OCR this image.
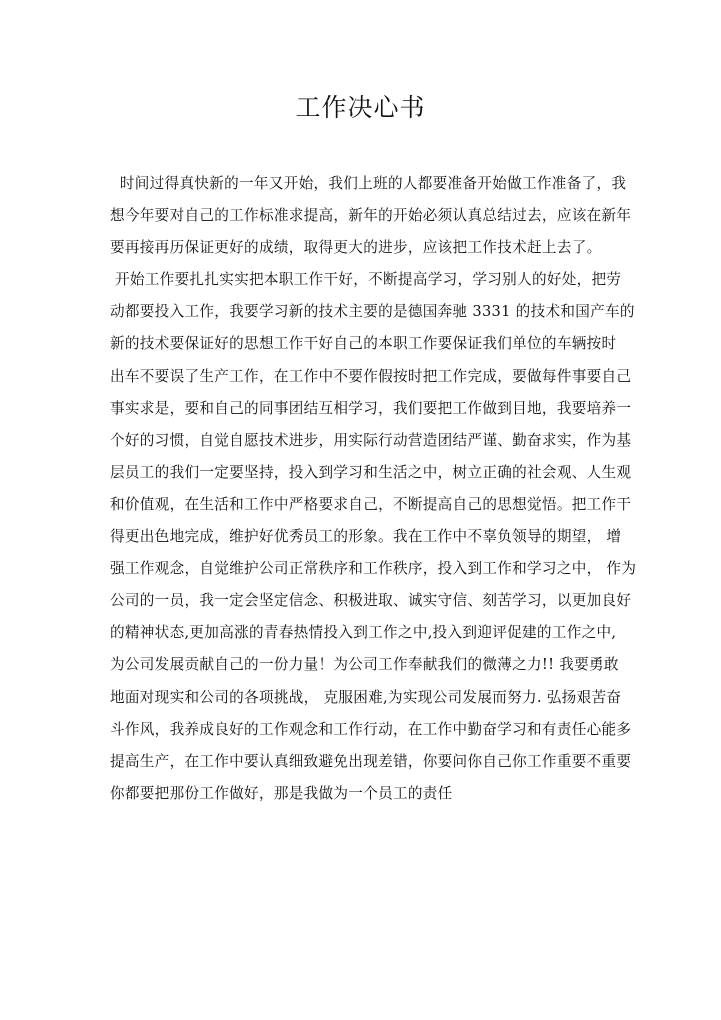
工作决心书
时间过得真快新的一年又开始，我们上班的人都要准备开始做工作准备了，我
想今年要对自己的工作标准求提高，新年的开始必须认真总结过去，应该在新年
要再接再历保证更好的成绩，取得更大的进步，应该把工作技术赶上去了。
开始工作要扎扎实实把本职工作干好，不断提高学习，学习别人的好处，把劳
动都要投入工作，我要学习新的技术主要的是德国奔驰 3331 的技术和国产车的
新的技术要保证好的思想工作干好自己的本职工作要保证我们单位的车辆按时
出车不要误了生产工作，在工作中不要作假按时把工作完成，要做每件事要自己
事实求是，要和自己的同事团结互相学习，我们要把工作做到目地，我要培养一
个好的习惯，自觉自愿技术进步，用实际行动营造团结严谨、勤奋求实，作为基
层员工的我们一定要坚持，投入到学习和生活之中，树立正确的社会观、人生观
和价值观，在生活和工作中严格要求自己，不断提高自己的思想觉悟。把工作干
得更出色地完成，维护好优秀员工的形象。我在工作中不辜负领导的期望， 增
强工作观念，自觉维护公司正常秩序和工作秩序，投入到工作和学习之中， 作为
公司的一员，我一定会坚定信念、积极进取、诚实守信、刻苦学习，以更加良好
的精神状态,更加高涨的青春热情投入到工作之中,投入到迎评促建的工作之中,
为公司发展贡献自己的一份力量！为公司工作奉献我们的微薄之力!! 我要勇敢
地面对现实和公司的各项挑战， 克服困难,为实现公司发展而努力. 弘扬艰苦奋
斗作风，我养成良好的工作观念和工作行动，在工作中勤奋学习和有责任心能多
提高生产，在工作中要认真细致避免出现差错，你要问你自己你工作重要不重要
你都要把那份工作做好，那是我做为一个员工的责任
